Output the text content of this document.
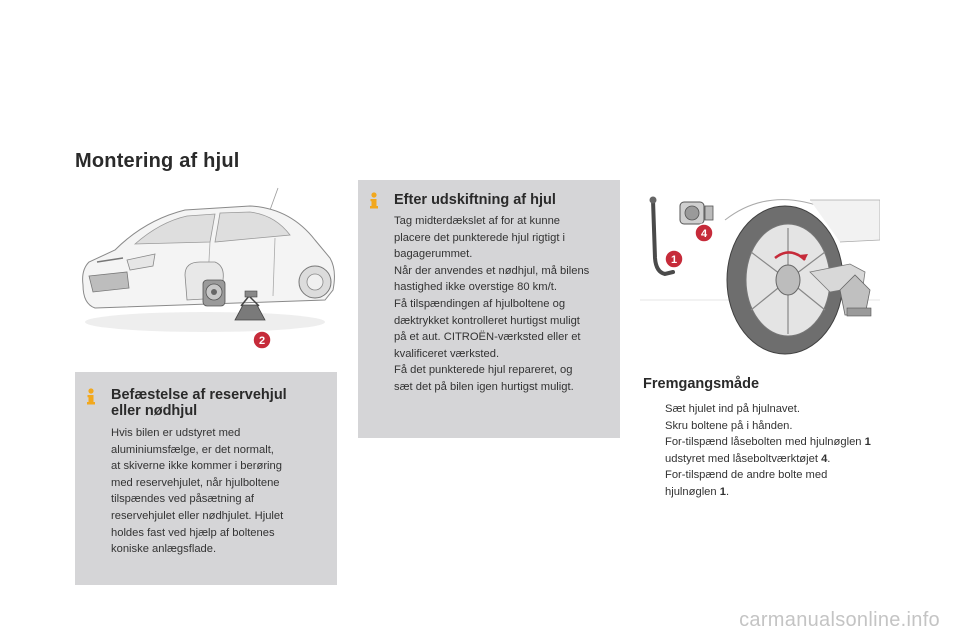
Montering af hjul
2
4
1
Efter udskiftning af hjul

Tag midterdækslet af for at kunne

placere det punkterede hjul rigtigt i

bagagerummet.

Når der anvendes et nødhjul, må bilens

hastighed ikke overstige 80 km/t.

Få tilspændingen af hjulboltene og

dæktrykket kontrolleret hurtigst muligt

på et aut. CITROËN-værksted eller et

kvalificeret værksted.

Få det punkterede hjul repareret, og

sæt det på bilen igen hurtigst muligt.

Befæstelse af reservehjul
eller nødhjul

Hvis bilen er udstyret med

aluminiumsfælge, er det normalt,

at skiverne ikke kommer i berøring

med reservehjulet, når hjulboltene

tilspændes ved påsætning af

reservehjulet eller nødhjulet. Hjulet

holdes fast ved hjælp af boltenes

koniske anlægsflade.

Fremgangsmåde
Sæt hjulet ind på hjulnavet.
Skru boltene på i hånden.
For-tilspænd låsebolten med hjulnøglen 1
udstyret med låseboltværktøjet 4.
For-tilspænd de andre bolte med
hjulnøglen 1.
carmanualsonline.info
